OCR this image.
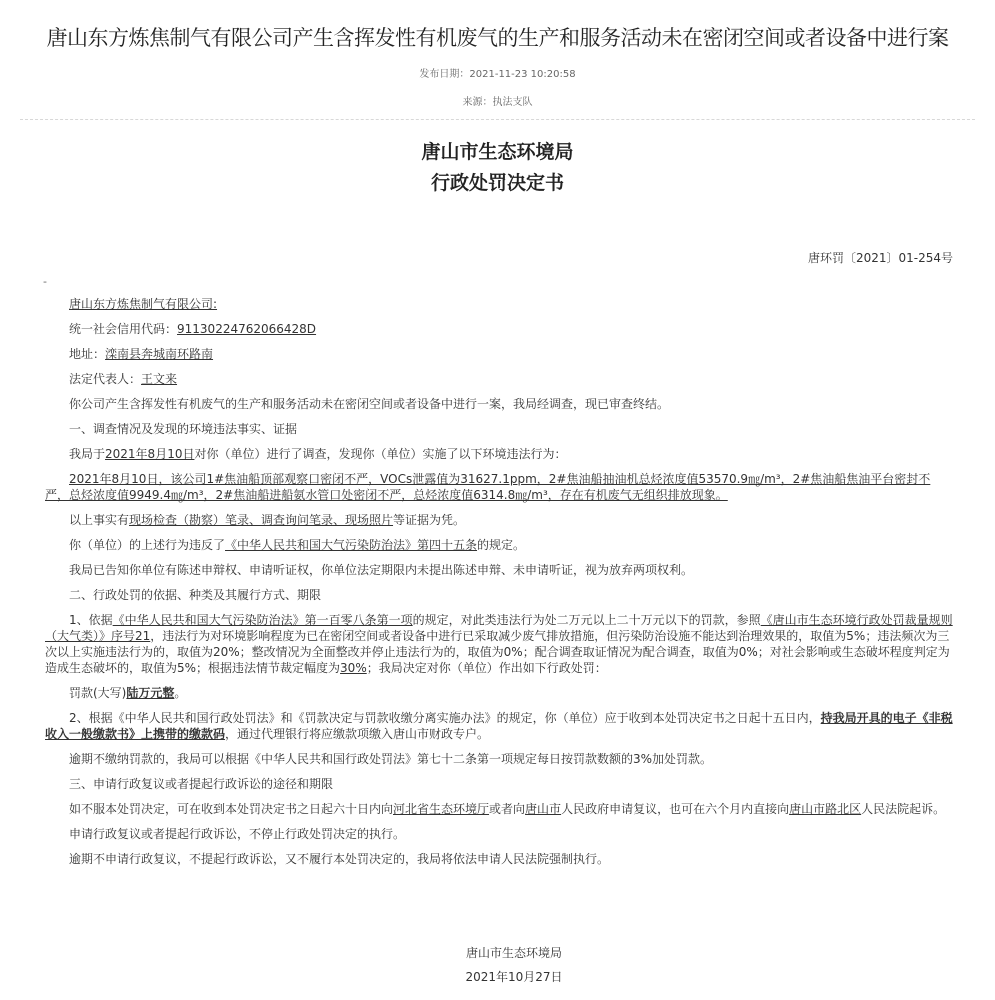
唐山东方炼焦制气有限公司产生含挥发性有机废气的生产和服务活动未在密闭空间或者设备中进行案
发布日期：2021-11-23 10:20:58
来源：执法支队
唐山市生态环境局
行政处罚决定书
唐环罚〔2021〕01-254号
-

唐山东方炼焦制气有限公司:

统一社会信用代码：91130224762066428D

地址：滦南县奔城南环路南

法定代表人：王文来

你公司产生含挥发性有机废气的生产和服务活动未在密闭空间或者设备中进行一案，我局经调查，现已审查终结。

一、调查情况及发现的环境违法事实、证据

我局于2021年8月10日对你（单位）进行了调查，发现你（单位）实施了以下环境违法行为：

2021年8月10日，该公司1#焦油船顶部观察口密闭不严，VOCs泄露值为31627.1ppm，2#焦油船抽油机总烃浓度值53570.9㎎/m³，2#焦油船焦油平台密封不严，总烃浓度值9949.4㎎/m³，2#焦油船进船氨水管口处密闭不严，总烃浓度值6314.8㎎/m³，存在有机废气无组织排放现象。

以上事实有现场检查（勘察）笔录、调查询问笔录、现场照片等证据为凭。

你（单位）的上述行为违反了《中华人民共和国大气污染防治法》第四十五条的规定。

我局已告知你单位有陈述申辩权、申请听证权，你单位法定期限内未提出陈述申辩、未申请听证，视为放弃两项权利。

二、行政处罚的依据、种类及其履行方式、期限

1、依据《中华人民共和国大气污染防治法》第一百零八条第一项的规定，对此类违法行为处二万元以上二十万元以下的罚款，参照《唐山市生态环境行政处罚裁量规则（大气类）》序号21，违法行为对环境影响程度为已在密闭空间或者设备中进行已采取减少废气排放措施，但污染防治设施不能达到治理效果的，取值为5%；违法频次为三次以上实施违法行为的，取值为20%；整改情况为全面整改并停止违法行为的，取值为0%；配合调查取证情况为配合调查，取值为0%；对社会影响或生态破坏程度判定为造成生态破坏的，取值为5%；根据违法情节裁定幅度为30%；我局决定对你（单位）作出如下行政处罚：

罚款(大写)陆万元整。

2、根据《中华人民共和国行政处罚法》和《罚款决定与罚款收缴分离实施办法》的规定，你（单位）应于收到本处罚决定书之日起十五日内，持我局开具的电子《非税收入一般缴款书》上携带的缴款码，通过代理银行将应缴款项缴入唐山市财政专户。

逾期不缴纳罚款的，我局可以根据《中华人民共和国行政处罚法》第七十二条第一项规定每日按罚款数额的3%加处罚款。

三、申请行政复议或者提起行政诉讼的途径和期限

如不服本处罚决定，可在收到本处罚决定书之日起六十日内向河北省生态环境厅或者向唐山市人民政府申请复议，也可在六个月内直接向唐山市路北区人民法院起诉。

申请行政复议或者提起行政诉讼，不停止行政处罚决定的执行。

逾期不申请行政复议，不提起行政诉讼，又不履行本处罚决定的，我局将依法申请人民法院强制执行。

唐山市生态环境局
2021年10月27日
